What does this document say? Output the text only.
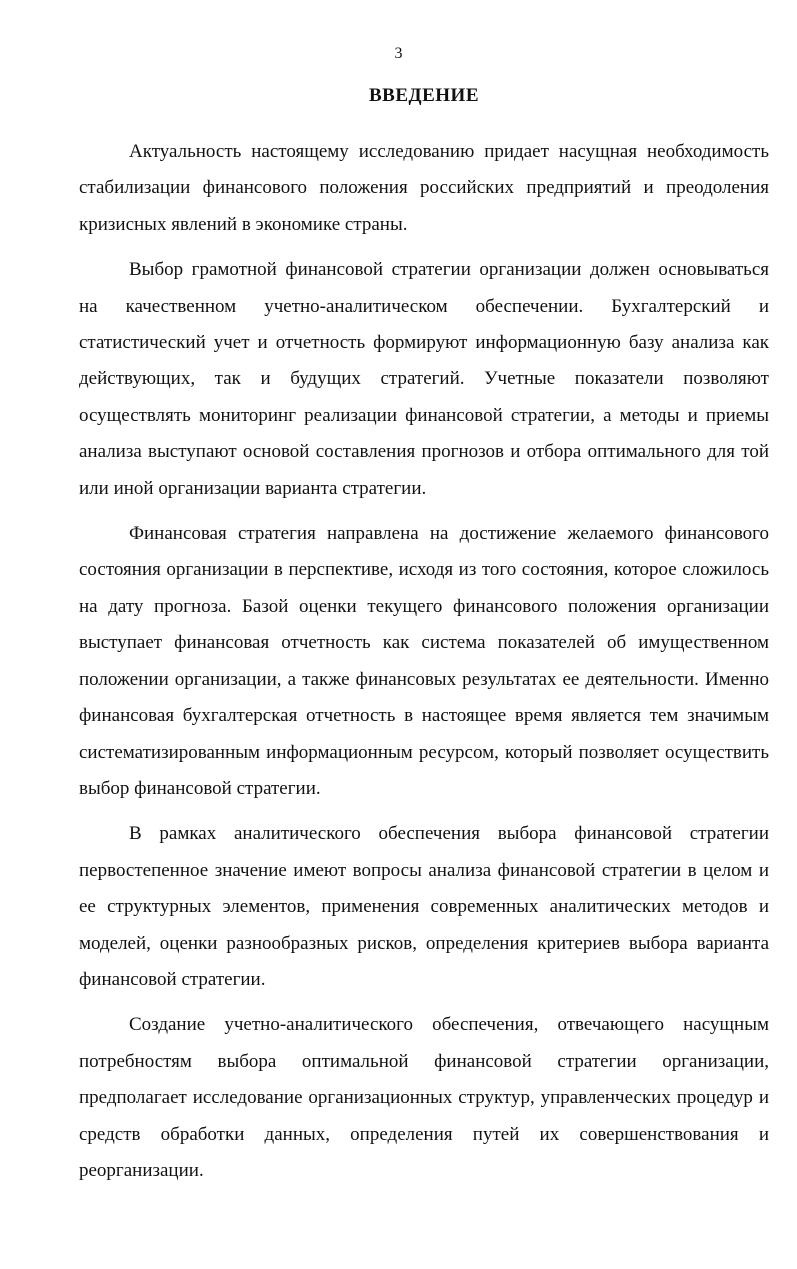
3
ВВЕДЕНИЕ

Актуальность настоящему исследованию придает насущная необходимость стабилизации финансового положения российских предприятий и преодоления кризисных явлений в экономике страны.

Выбор грамотной финансовой стратегии организации должен основываться на качественном учетно-аналитическом обеспечении. Бухгалтерский и статистический учет и отчетность формируют информационную базу анализа как действующих, так и будущих стратегий. Учетные показатели позволяют осуществлять мониторинг реализации финансовой стратегии, а методы и приемы анализа выступают основой составления прогнозов и отбора оптимального для той или иной организации варианта стратегии.

Финансовая стратегия направлена на достижение желаемого финансового состояния организации в перспективе, исходя из того состояния, которое сложилось на дату прогноза. Базой оценки текущего финансового положения организации выступает финансовая отчетность как система показателей об имущественном положении организации, а также финансовых результатах ее деятельности. Именно финансовая бухгалтерская отчетность в настоящее время является тем значимым систематизированным информационным ресурсом, который позволяет осуществить выбор финансовой стратегии.

В рамках аналитического обеспечения выбора финансовой стратегии первостепенное значение имеют вопросы анализа финансовой стратегии в целом и ее структурных элементов, применения современных аналитических методов и моделей, оценки разнообразных рисков, определения критериев выбора варианта финансовой стратегии.

Создание учетно-аналитического обеспечения, отвечающего насущным потребностям выбора оптимальной финансовой стратегии организации, предполагает исследование организационных структур, управленческих процедур и средств обработки данных, определения путей их совершенствования и реорганизации.
